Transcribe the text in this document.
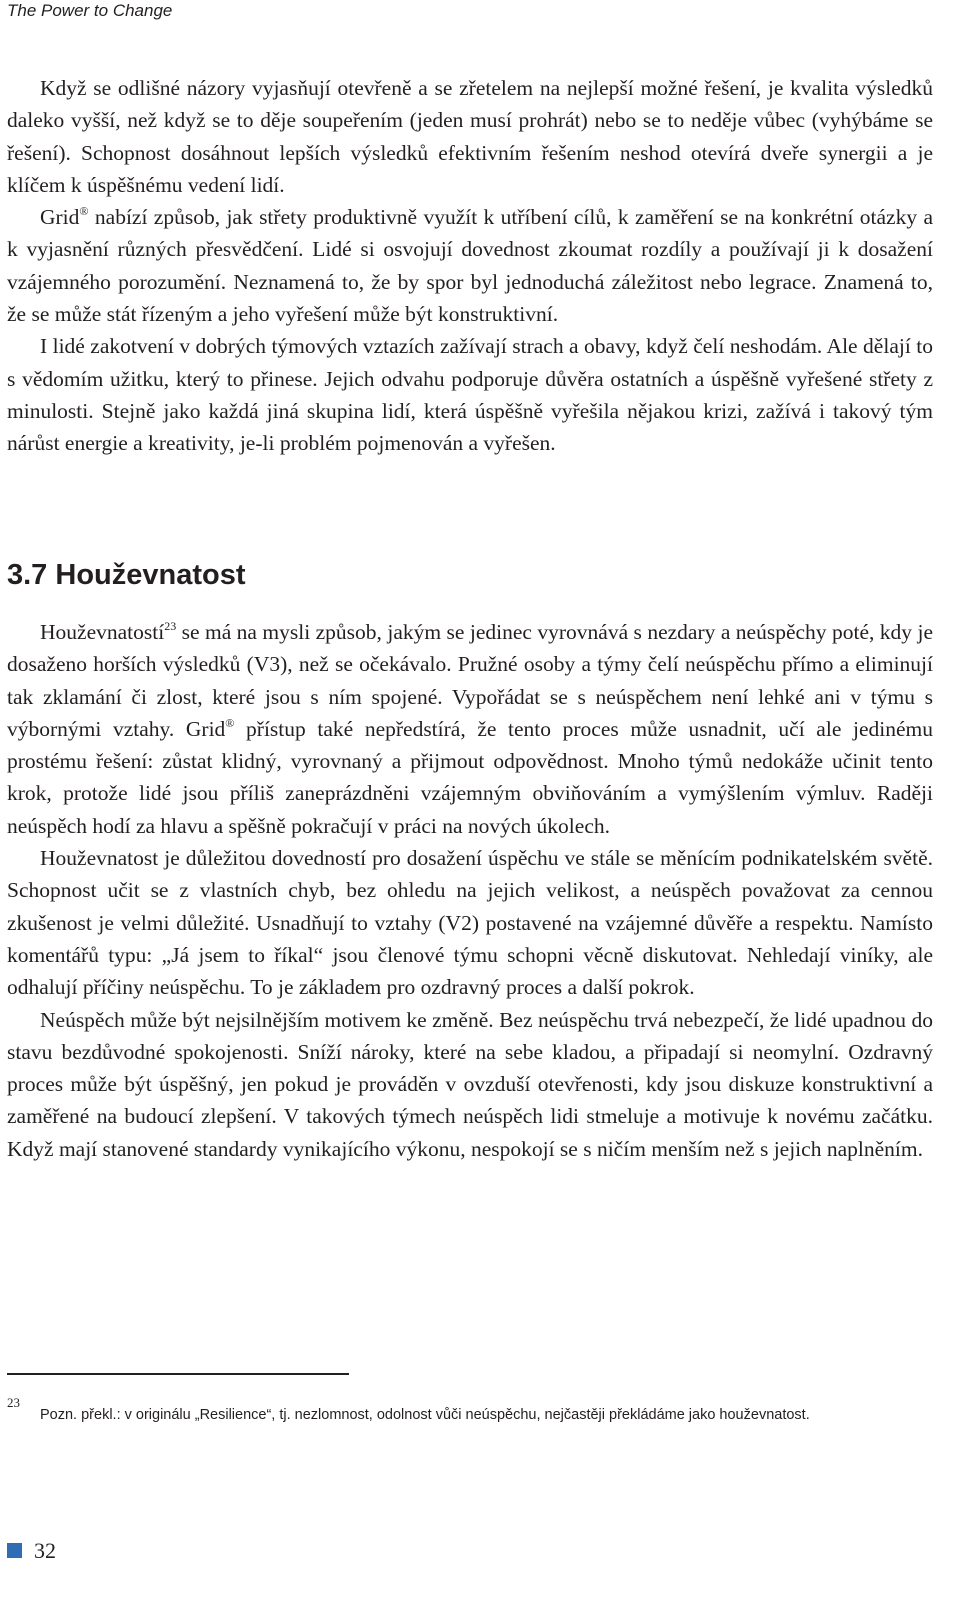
The Power to Change

Když se odlišné názory vyjasňují otevřeně a se zřetelem na nejlepší možné řešení, je kvalita výsledků daleko vyšší, než když se to děje soupeřením (jeden musí prohrát) nebo se to neděje vůbec (vyhýbáme se řešení). Schopnost dosáhnout lepších výsledků efektivním řešením neshod otevírá dveře synergii a je klíčem k úspěšnému vedení lidí.

Grid® nabízí způsob, jak střety produktivně využít k utříbení cílů, k zaměření se na konkrétní otázky a k vyjasnění různých přesvědčení. Lidé si osvojují dovednost zkoumat rozdíly a používají ji k dosažení vzájemného porozumění. Neznamená to, že by spor byl jednoduchá záležitost nebo legrace. Znamená to, že se může stát řízeným a jeho vyřešení může být konstruktivní.

I lidé zakotvení v dobrých týmových vztazích zažívají strach a obavy, když čelí neshodám. Ale dělají to s vědomím užitku, který to přinese. Jejich odvahu podporuje důvěra ostatních a úspěšně vyřešené střety z minulosti. Stejně jako každá jiná skupina lidí, která úspěšně vyřešila nějakou krizi, zažívá i takový tým nárůst energie a kreativity, je-li problém pojmenován a vyřešen.

3.7 Houževnatost

Houževnatostí$^{23}$ se má na mysli způsob, jakým se jedinec vyrovnává s nezdary a neúspěchy poté, kdy je dosaženo horších výsledků (V3), než se očekávalo. Pružné osoby a týmy čelí neúspěchu přímo a eliminují tak zklamání či zlost, které jsou s ním spojené. Vypořádat se s neúspěchem není lehké ani v týmu s výbornými vztahy. Grid® přístup také nepředstírá, že tento proces může usnadnit, učí ale jedinému prostému řešení: zůstat klidný, vyrovnaný a přijmout odpovědnost. Mnoho týmů nedokáže učinit tento krok, protože lidé jsou příliš zaneprázdněni vzájemným obviňováním a vymýšlením výmluv. Raději neúspěch hodí za hlavu a spěšně pokračují v práci na nových úkolech.

Houževnatost je důležitou dovedností pro dosažení úspěchu ve stále se měnícím podnikatelském světě. Schopnost učit se z vlastních chyb, bez ohledu na jejich velikost, a neúspěch považovat za cennou zkušenost je velmi důležité. Usnadňují to vztahy (V2) postavené na vzájemné důvěře a respektu. Namísto komentářů typu: „Já jsem to říkal“ jsou členové týmu schopni věcně diskutovat. Nehledají viníky, ale odhalují příčiny neúspěchu. To je základem pro ozdravný proces a další pokrok.

Neúspěch může být nejsilnějším motivem ke změně. Bez neúspěchu trvá nebezpečí, že lidé upadnou do stavu bezdůvodné spokojenosti. Sníží nároky, které na sebe kladou, a připadají si neomylní. Ozdravný proces může být úspěšný, jen pokud je prováděn v ovzduší otevřenosti, kdy jsou diskuze konstruktivní a zaměřené na budoucí zlepšení. V takových týmech neúspěch lidi stmeluje a motivuje k novému začátku. Když mají stanovené standardy vynikajícího výkonu, nespokojí se s ničím menším než s jejich naplněním.

23
Pozn. překl.: v originálu „Resilience“, tj. nezlomnost, odolnost vůči neúspěchu, nejčastěji překládáme jako houževnatost.
32
